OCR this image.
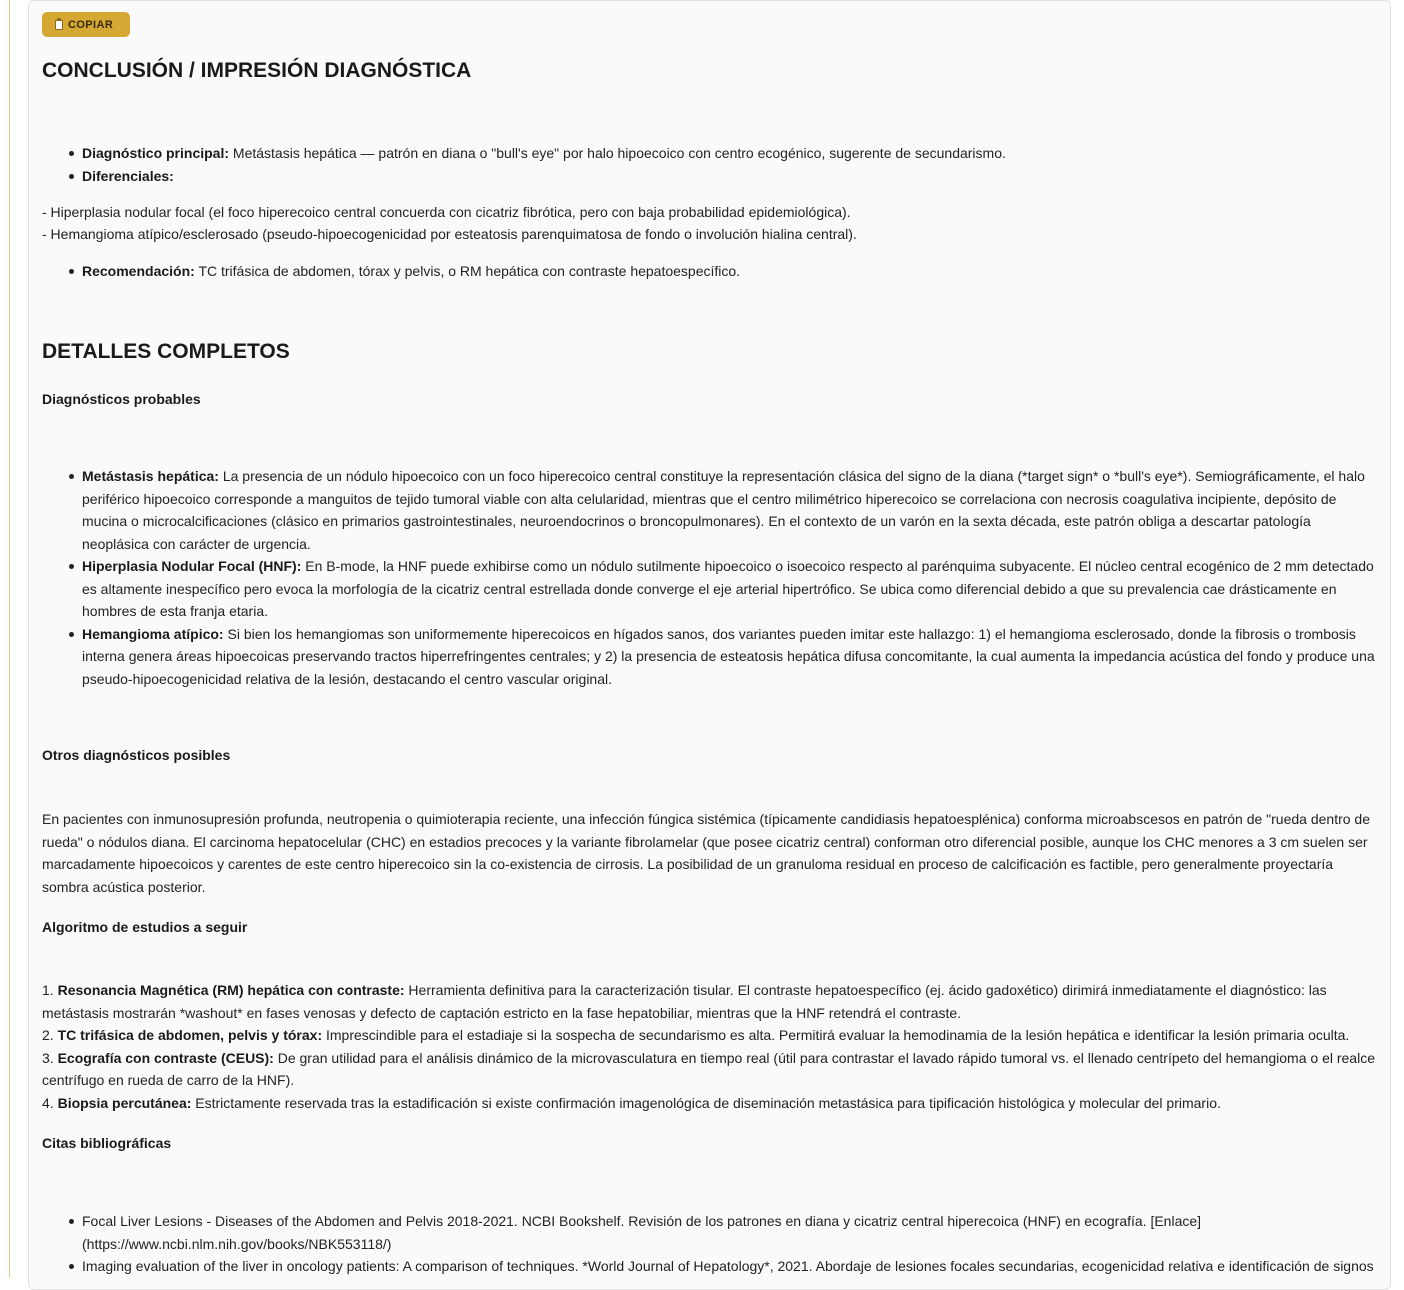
COPIAR
CONCLUSIÓN / IMPRESIÓN DIAGNÓSTICA
Diagnóstico principal: Metástasis hepática — patrón en diana o "bull's eye" por halo hipoecoico con centro ecogénico, sugerente de secundarismo.
Diferenciales:
- Hiperplasia nodular focal (el foco hiperecoico central concuerda con cicatriz fibrótica, pero con baja probabilidad epidemiológica).
- Hemangioma atípico/esclerosado (pseudo-hipoecogenicidad por esteatosis parenquimatosa de fondo o involución hialina central).
Recomendación: TC trifásica de abdomen, tórax y pelvis, o RM hepática con contraste hepatoespecífico.
DETALLES COMPLETOS
Diagnósticos probables
Metástasis hepática: La presencia de un nódulo hipoecoico con un foco hiperecoico central constituye la representación clásica del signo de la diana (*target sign* o *bull's eye*). Semiográficamente, el halo periférico hipoecoico corresponde a manguitos de tejido tumoral viable con alta celularidad, mientras que el centro milimétrico hiperecoico se correlaciona con necrosis coagulativa incipiente, depósito de mucina o microcalcificaciones (clásico en primarios gastrointestinales, neuroendocrinos o broncopulmonares). En el contexto de un varón en la sexta década, este patrón obliga a descartar patología neoplásica con carácter de urgencia.
Hiperplasia Nodular Focal (HNF): En B-mode, la HNF puede exhibirse como un nódulo sutilmente hipoecoico o isoecoico respecto al parénquima subyacente. El núcleo central ecogénico de 2 mm detectado es altamente inespecífico pero evoca la morfología de la cicatriz central estrellada donde converge el eje arterial hipertrófico. Se ubica como diferencial debido a que su prevalencia cae drásticamente en hombres de esta franja etaria.
Hemangioma atípico: Si bien los hemangiomas son uniformemente hiperecoicos en hígados sanos, dos variantes pueden imitar este hallazgo: 1) el hemangioma esclerosado, donde la fibrosis o trombosis interna genera áreas hipoecoicas preservando tractos hiperrefringentes centrales; y 2) la presencia de esteatosis hepática difusa concomitante, la cual aumenta la impedancia acústica del fondo y produce una pseudo-hipoecogenicidad relativa de la lesión, destacando el centro vascular original.
Otros diagnósticos posibles
En pacientes con inmunosupresión profunda, neutropenia o quimioterapia reciente, una infección fúngica sistémica (típicamente candidiasis hepatoesplénica) conforma microabscesos en patrón de "rueda dentro de rueda" o nódulos diana. El carcinoma hepatocelular (CHC) en estadios precoces y la variante fibrolamelar (que posee cicatriz central) conforman otro diferencial posible, aunque los CHC menores a 3 cm suelen ser marcadamente hipoecoicos y carentes de este centro hiperecoico sin la co-existencia de cirrosis. La posibilidad de un granuloma residual en proceso de calcificación es factible, pero generalmente proyectaría sombra acústica posterior.
Algoritmo de estudios a seguir
1. Resonancia Magnética (RM) hepática con contraste: Herramienta definitiva para la caracterización tisular. El contraste hepatoespecífico (ej. ácido gadoxético) dirimirá inmediatamente el diagnóstico: las metástasis mostrarán *washout* en fases venosas y defecto de captación estricto en la fase hepatobiliar, mientras que la HNF retendrá el contraste.
2. TC trifásica de abdomen, pelvis y tórax: Imprescindible para el estadiaje si la sospecha de secundarismo es alta. Permitirá evaluar la hemodinamia de la lesión hepática e identificar la lesión primaria oculta.
3. Ecografía con contraste (CEUS): De gran utilidad para el análisis dinámico de la microvasculatura en tiempo real (útil para contrastar el lavado rápido tumoral vs. el llenado centrípeto del hemangioma o el realce centrífugo en rueda de carro de la HNF).
4. Biopsia percutánea: Estrictamente reservada tras la estadificación si existe confirmación imagenológica de diseminación metastásica para tipificación histológica y molecular del primario.
Citas bibliográficas
Focal Liver Lesions - Diseases of the Abdomen and Pelvis 2018-2021. NCBI Bookshelf. Revisión de los patrones en diana y cicatriz central hiperecoica (HNF) en ecografía. [Enlace](https://www.ncbi.nlm.nih.gov/books/NBK553118/)
Imaging evaluation of the liver in oncology patients: A comparison of techniques. *World Journal of Hepatology*, 2021. Abordaje de lesiones focales secundarias, ecogenicidad relativa e identificación de signos
